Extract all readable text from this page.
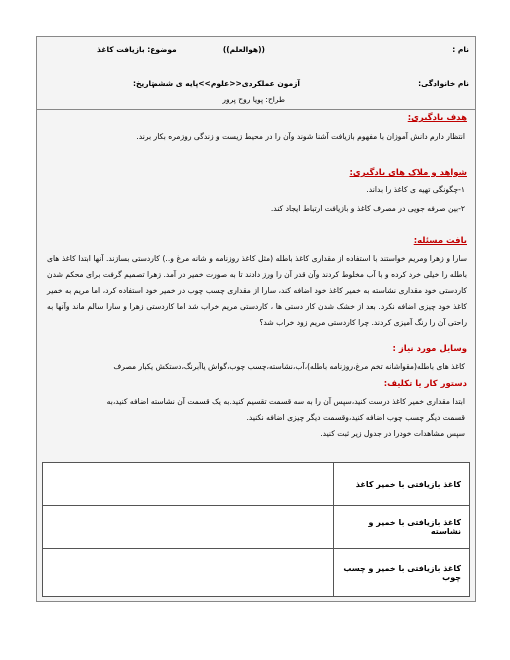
نام :
((هوالعلم))
موضوع: بازیافت کاغذ
نام خانوادگی:
آزمون عملکردی<<علوم>>پایه ی ششم
تاریخ:
طراح: پویا روح پرور
هدف یادگیری:
انتظار دارم دانش آموزان با مفهوم بازیافت آشنا شوند وآن را در محیط زیست و زندگی روزمره بکار برند.
شواهد و ملاک های یادگیری:
۱-چگونگی تهیه ی کاغذ را بداند.
۲-بین صرفه جویی در مصرف کاغذ و بازیافت ارتباط ایجاد کند.
بافت مسئله:
سارا و زهرا ومریم خواستند با استفاده از مقداری کاغذ باطله (مثل کاغذ روزنامه و شانه مرغ و..) کاردستی بسازند. آنها ابتدا کاغذ های باطله را خیلی خرد کرده و با آب مخلوط کردند وآن قدر آن را ورز دادند تا به صورت خمیر در آمد. زهرا تصمیم گرفت برای محکم شدن کاردستی خود مقداری نشاسته به خمیر کاغذ خود اضافه کند، سارا از مقداری چسب چوب در خمیر خود استفاده کرد، اما مریم به خمیر کاغذ خود چیزی اضافه نکرد. بعد از خشک شدن کار دستی ها ، کاردستی مریم خراب شد اما کاردستی زهرا و سارا سالم ماند وآنها به راحتی آن را رنگ آمیزی کردند. چرا کاردستی مریم زود خراب شد؟
وسایل مورد نیاز :
کاغذ های باطله(مقواشانه تخم مرغ،روزنامه باطله)،آب،نشاسته،چسب چوب،گواش یاآبرنگ،دستکش یکبار مصرف
دستور کار یا تکلیف:
ابتدا مقداری خمیر کاغذ درست کنید،سپس آن را به سه قسمت تقسیم کنید.به یک قسمت آن نشاسته اضافه کنید،به
قسمت دیگر چسب چوب اضافه کنید،وقسمت دیگر چیزی اضافه نکنید.
سپس مشاهدات خودرا در جدول زیر ثبت کنید.
کاغذ بازیافتی با خمیر کاغذ
کاغذ بازیافتی با خمیر و نشاسته
کاغذ بازیافتی با خمیر و چسب چوب
